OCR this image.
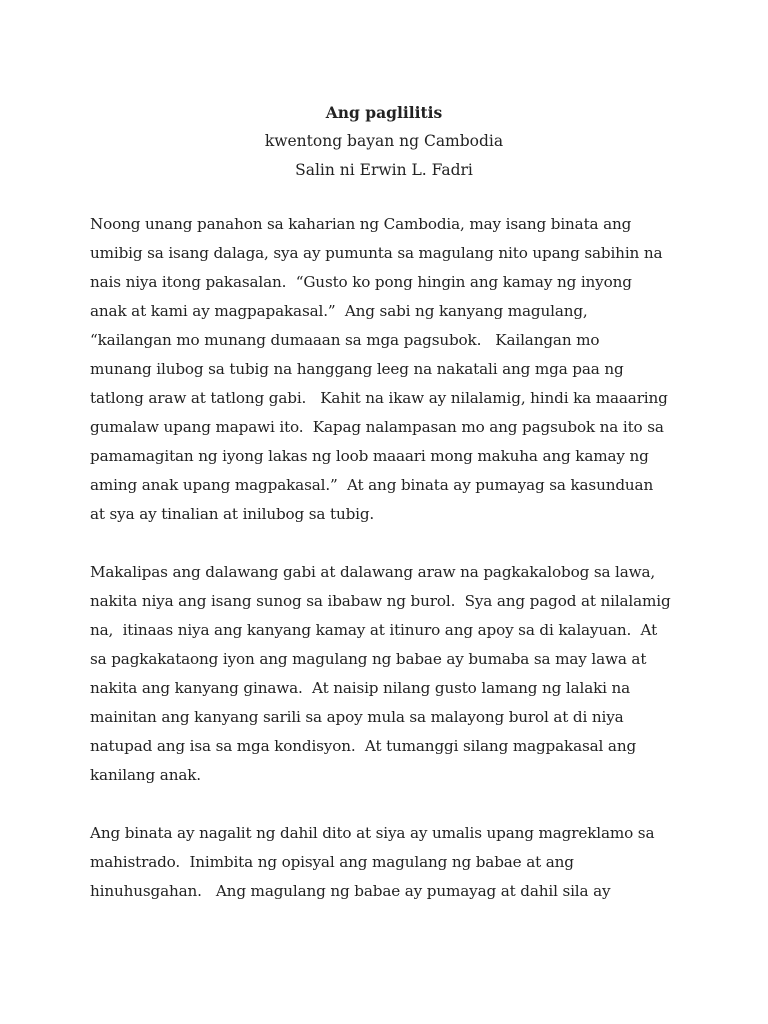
Ang paglilitis
kwentong bayan ng Cambodia
Salin ni Erwin L. Fadri
Noong unang panahon sa kaharian ng Cambodia, may isang binata ang
umibig sa isang dalaga, sya ay pumunta sa magulang nito upang sabihin na
nais niya itong pakasalan.  “Gusto ko pong hingin ang kamay ng inyong
anak at kami ay magpapakasal.”  Ang sabi ng kanyang magulang,
“kailangan mo munang dumaaan sa mga pagsubok.   Kailangan mo
munang ilubog sa tubig na hanggang leeg na nakatali ang mga paa ng
tatlong araw at tatlong gabi.   Kahit na ikaw ay nilalamig, hindi ka maaaring
gumalaw upang mapawi ito.  Kapag nalampasan mo ang pagsubok na ito sa
pamamagitan ng iyong lakas ng loob maaari mong makuha ang kamay ng
aming anak upang magpakasal.”  At ang binata ay pumayag sa kasunduan
at sya ay tinalian at inilubog sa tubig.
Makalipas ang dalawang gabi at dalawang araw na pagkakalobog sa lawa,
nakita niya ang isang sunog sa ibabaw ng burol.  Sya ang pagod at nilalamig
na,  itinaas niya ang kanyang kamay at itinuro ang apoy sa di kalayuan.  At
sa pagkakataong iyon ang magulang ng babae ay bumaba sa may lawa at
nakita ang kanyang ginawa.  At naisip nilang gusto lamang ng lalaki na
mainitan ang kanyang sarili sa apoy mula sa malayong burol at di niya
natupad ang isa sa mga kondisyon.  At tumanggi silang magpakasal ang
kanilang anak.
Ang binata ay nagalit ng dahil dito at siya ay umalis upang magreklamo sa
mahistrado.  Inimbita ng opisyal ang magulang ng babae at ang
hinuhusgahan.   Ang magulang ng babae ay pumayag at dahil sila ay
